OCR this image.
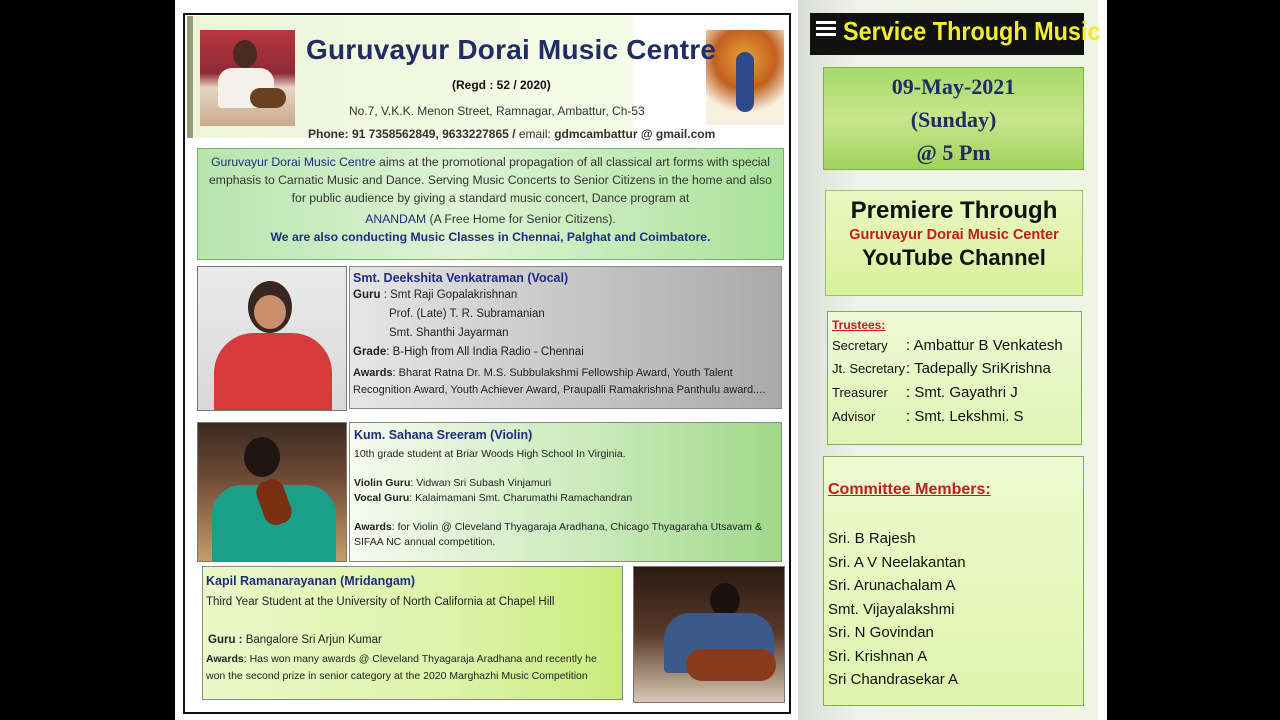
Guruvayur Dorai Music Centre
(Regd : 52 / 2020)
No.7, V.K.K. Menon Street, Ramnagar, Ambattur, Ch-53
Phone: 91 7358562849, 9633227865 / email: gdmcambattur @ gmail.com
Guruvayur Dorai Music Centre aims at the promotional propagation of all classical art forms with special emphasis to Carnatic Music and Dance. Serving Music Concerts to Senior Citizens in the home and also for public audience by giving a standard music concert, Dance program at
ANANDAM (A Free Home for Senior Citizens).
We are also conducting Music Classes in Chennai, Palghat and Coimbatore.
Smt. Deekshita Venkatraman (Vocal)
Guru : Smt Raji Gopalakrishnan
Prof. (Late) T. R. Subramanian
Smt. Shanthi Jayarman
Grade: B-High from All India Radio - Chennai
Awards: Bharat Ratna Dr. M.S. Subbulakshmi Fellowship Award, Youth Talent Recognition Award, Youth Achiever Award, Praupalli Ramakrishna Panthulu award....
Kum. Sahana Sreeram (Violin)
10th grade student at Briar Woods High School In Virginia.
Violin Guru: Vidwan Sri Subash Vinjamuri
Vocal Guru: Kalaimamani Smt. Charumathi Ramachandran
Awards: for Violin @ Cleveland Thyagaraja Aradhana, Chicago Thyagaraha Utsavam & SIFAA NC annual competition.
Kapil Ramanarayanan (Mridangam)
Third Year Student at the University of North California at Chapel Hill
Guru : Bangalore Sri Arjun Kumar
Awards: Has won many awards @ Cleveland Thyagaraja Aradhana and recently he won the second prize in senior category at the 2020 Marghazhi Music Competition
Service Through Music
09-May-2021
(Sunday)
@ 5 Pm
Premiere Through
Guruvayur Dorai Music Center
YouTube Channel
Trustees:
Secretary : Ambattur B Venkatesh
Jt. Secretary: Tadepally SriKrishna
Treasurer : Smt. Gayathri J
Advisor : Smt. Lekshmi. S
Committee Members:
Sri. B Rajesh
Sri. A V Neelakantan
Sri. Arunachalam A
Smt. Vijayalakshmi
Sri. N Govindan
Sri. Krishnan A
Sri Chandrasekar A
